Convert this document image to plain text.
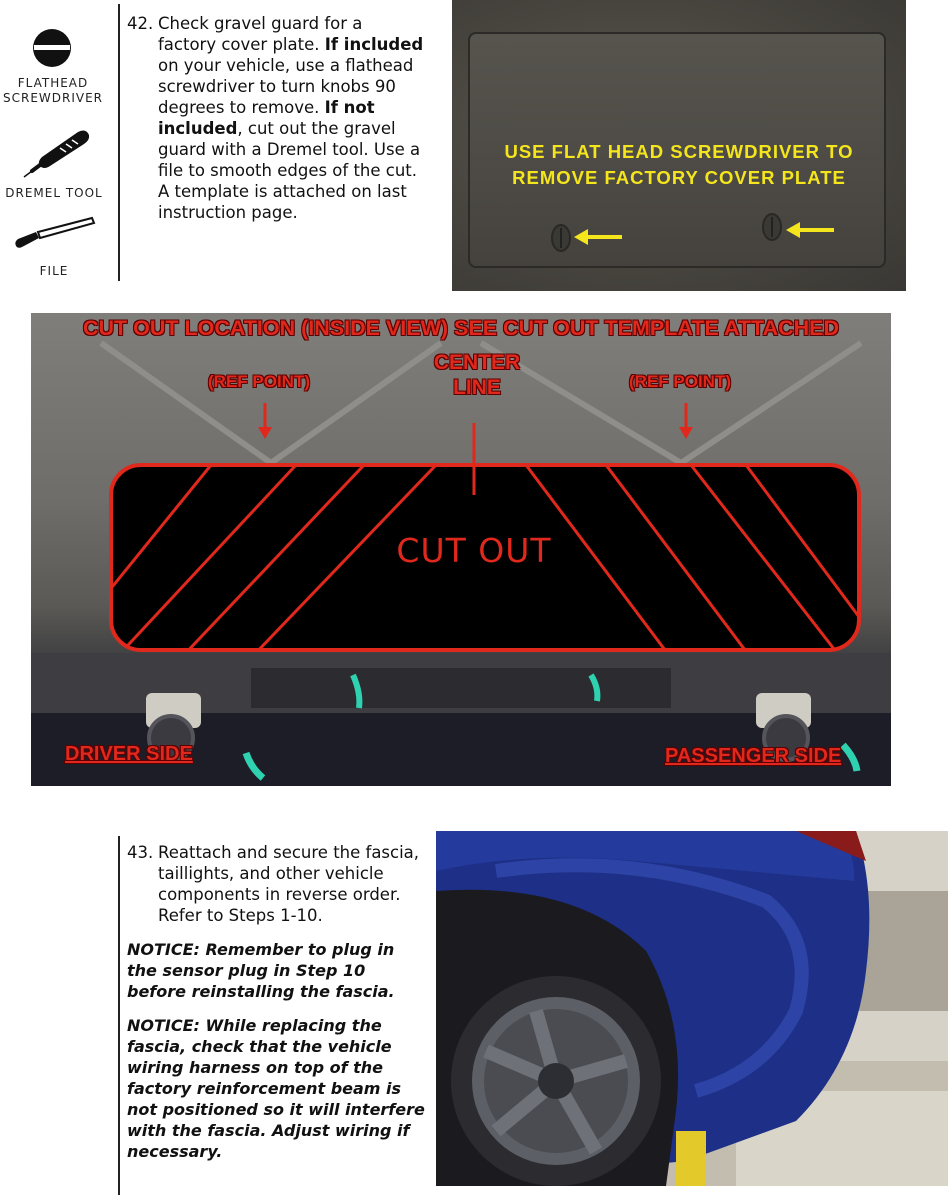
FLATHEAD
SCREWDRIVER
DREMEL TOOL
FILE
42. Check gravel guard for a factory cover plate. If included on your vehicle, use a flathead screwdriver to turn knobs 90 degrees to remove. If not included, cut out the gravel guard with a Dremel tool. Use a file to smooth edges of the cut. A template is attached on last instruction page.
USE FLAT HEAD SCREWDRIVER TO
REMOVE FACTORY COVER PLATE
CUT OUT LOCATION (INSIDE VIEW) SEE CUT OUT TEMPLATE ATTACHED
(REF POINT)	(REF POINT)
CENTER
LINE
CUT OUT
DRIVER SIDE	PASSENGER SIDE
43. Reattach and secure the fascia, taillights, and other vehicle components in reverse order. Refer to Steps 1-10.
NOTICE: Remember to plug in the sensor plug in Step 10 before reinstalling the fascia.
NOTICE: While replacing the fascia, check that the vehicle wiring harness on top of the factory reinforcement beam is not positioned so it will interfere with the fascia. Adjust wiring if necessary.
